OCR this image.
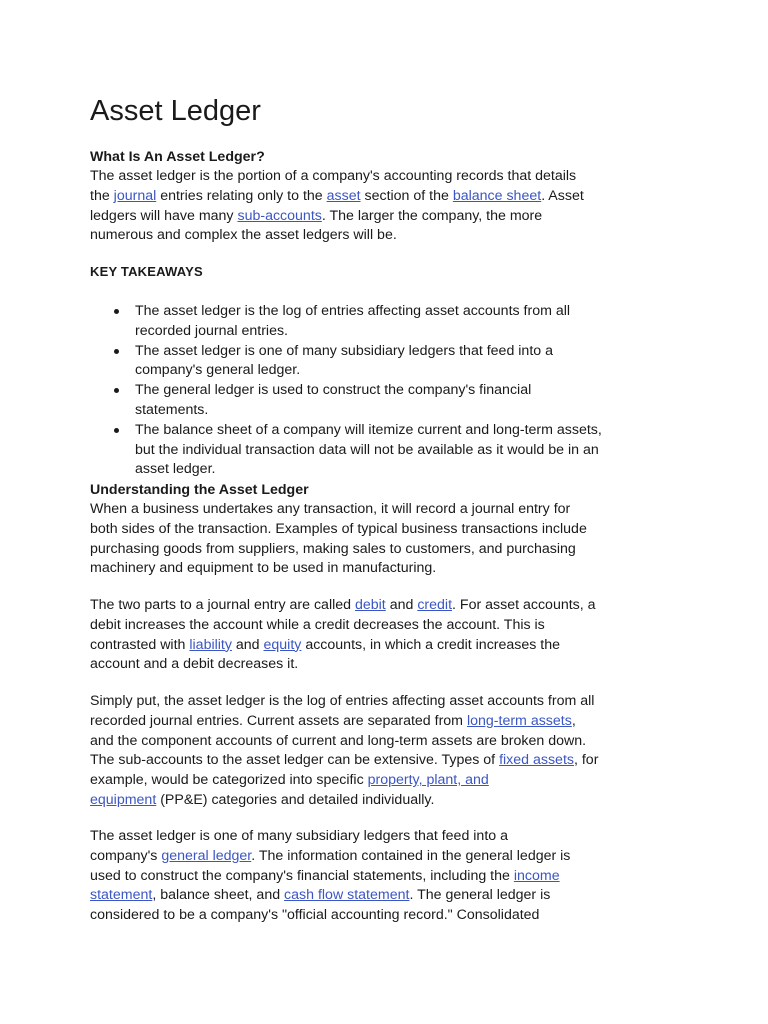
Asset Ledger
What Is An Asset Ledger?

The asset ledger is the portion of a company's accounting records that details
the journal entries relating only to the asset section of the balance sheet. Asset
ledgers will have many sub-accounts. The larger the company, the more
numerous and complex the asset ledgers will be.

KEY TAKEAWAYS
The asset ledger is the log of entries affecting asset accounts from all
recorded journal entries.
The asset ledger is one of many subsidiary ledgers that feed into a
company's general ledger.
The general ledger is used to construct the company's financial
statements.
The balance sheet of a company will itemize current and long-term assets,
but the individual transaction data will not be available as it would be in an
asset ledger.
Understanding the Asset Ledger

When a business undertakes any transaction, it will record a journal entry for
both sides of the transaction. Examples of typical business transactions include
purchasing goods from suppliers, making sales to customers, and purchasing
machinery and equipment to be used in manufacturing.

The two parts to a journal entry are called debit and credit. For asset accounts, a
debit increases the account while a credit decreases the account. This is
contrasted with liability and equity accounts, in which a credit increases the
account and a debit decreases it.

Simply put, the asset ledger is the log of entries affecting asset accounts from all
recorded journal entries. Current assets are separated from long-term assets,
and the component accounts of current and long-term assets are broken down.
The sub-accounts to the asset ledger can be extensive. Types of fixed assets, for
example, would be categorized into specific property, plant, and
equipment (PP&E) categories and detailed individually.

The asset ledger is one of many subsidiary ledgers that feed into a
company's general ledger. The information contained in the general ledger is
used to construct the company's financial statements, including the income
statement, balance sheet, and cash flow statement. The general ledger is
considered to be a company's "official accounting record." Consolidated
